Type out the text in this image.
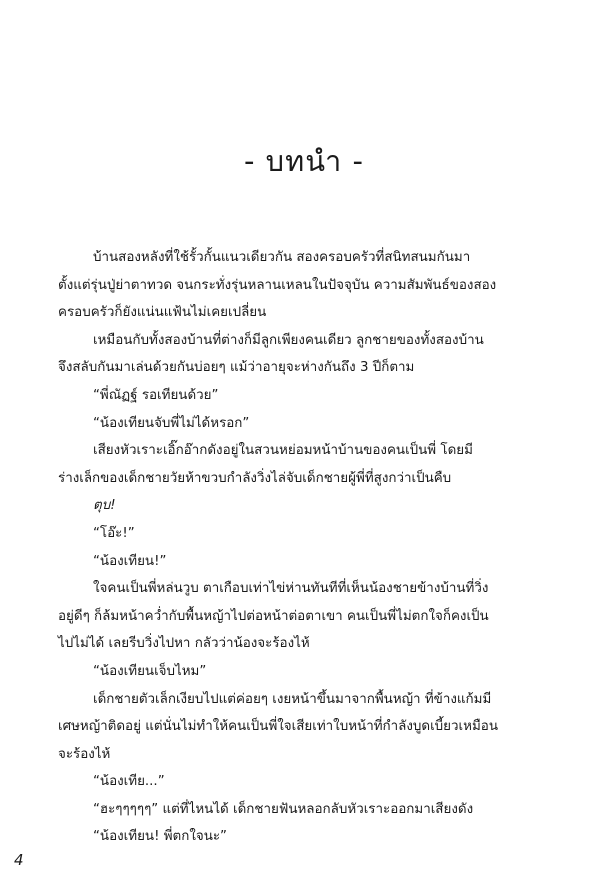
- บทนำ -
บ้านสองหลังที่ใช้รั้วกั้นแนวเดียวกัน สองครอบครัวที่สนิทสนมกันมา
ตั้งแต่รุ่นปู่ย่าตาทวด จนกระทั่งรุ่นหลานเหลนในปัจจุบัน ความสัมพันธ์ของสอง
ครอบครัวก็ยังแน่นแฟ้นไม่เคยเปลี่ยน
เหมือนกับทั้งสองบ้านที่ต่างก็มีลูกเพียงคนเดียว ลูกชายของทั้งสองบ้าน
จึงสลับกันมาเล่นด้วยกันบ่อยๆ แม้ว่าอายุจะห่างกันถึง 3 ปีก็ตาม
“พี่ณัฏฐ์ รอเทียนด้วย”
“น้องเทียนจับพี่ไม่ได้หรอก”
เสียงหัวเราะเอิ๊กอ๊ากดังอยู่ในสวนหย่อมหน้าบ้านของคนเป็นพี่ โดยมี
ร่างเล็กของเด็กชายวัยห้าขวบกำลังวิ่งไล่จับเด็กชายผู้พี่ที่สูงกว่าเป็นคืบ
ตุบ!
“โอ๊ะ!”
“น้องเทียน!”
ใจคนเป็นพี่หล่นวูบ ตาเกือบเท่าไข่ห่านทันทีที่เห็นน้องชายข้างบ้านที่วิ่ง
อยู่ดีๆ ก็ล้มหน้าคว่ำกับพื้นหญ้าไปต่อหน้าต่อตาเขา คนเป็นพี่ไม่ตกใจก็คงเป็น
ไปไม่ได้ เลยรีบวิ่งไปหา กลัวว่าน้องจะร้องไห้
“น้องเทียนเจ็บไหม”
เด็กชายตัวเล็กเงียบไปแต่ค่อยๆ เงยหน้าขึ้นมาจากพื้นหญ้า ที่ข้างแก้มมี
เศษหญ้าติดอยู่ แต่นั่นไม่ทำให้คนเป็นพี่ใจเสียเท่าใบหน้าที่กำลังบูดเบี้ยวเหมือน
จะร้องไห้
“น้องเทีย...”
“ฮะๆๆๆๆๆ” แต่ที่ไหนได้ เด็กชายฟันหลอกลับหัวเราะออกมาเสียงดัง
“น้องเทียน! พี่ตกใจนะ”
4
